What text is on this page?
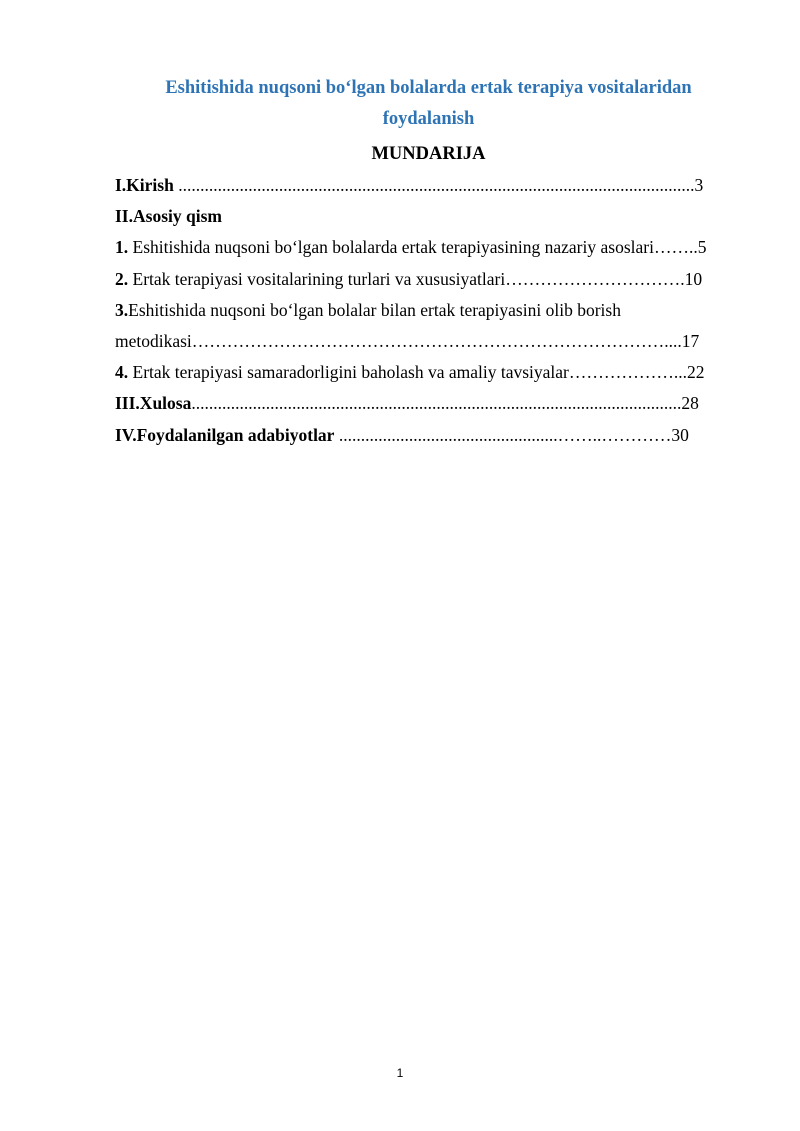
Eshitishida nuqsoni bo‘lgan bolalarda ertak terapiya vositalaridan
foydalanish
MUNDARIJA
I.Kirish ......................................................................................................................3
II.Asosiy qism
1. Eshitishida nuqsoni bo‘lgan bolalarda ertak terapiyasining nazariy asoslari……..5
2. Ertak terapiyasi vositalarining turlari va xususiyatlari………………………….10
3.Eshitishida nuqsoni bo‘lgan bolalar bilan ertak terapiyasini olib borish
metodikasi………………………………………………………………………....17
4. Ertak terapiyasi samaradorligini baholash va amaliy tavsiyalar………………...22
III.Xulosa................................................................................................................28
IV.Foydalanilgan adabiyotlar ..................................................……..…………30
1
